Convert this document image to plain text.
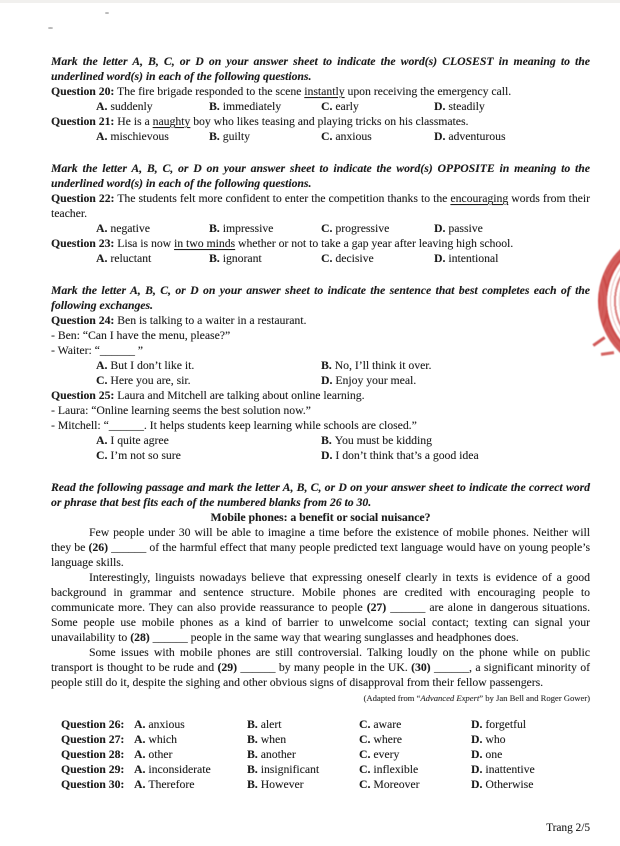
Mark the letter A, B, C, or D on your answer sheet to indicate the word(s) CLOSEST in meaning to the underlined word(s) in each of the following questions.

Question 20: The fire brigade responded to the scene instantly upon receiving the emergency call.

A. suddenly	B. immediately	C. early	D. steadily

Question 21: He is a naughty boy who likes teasing and playing tricks on his classmates.

A. mischievous	B. guilty	C. anxious	D. adventurous

Mark the letter A, B, C, or D on your answer sheet to indicate the word(s) OPPOSITE in meaning to the underlined word(s) in each of the following questions.

Question 22: The students felt more confident to enter the competition thanks to the encouraging words from their teacher.

A. negative	B. impressive	C. progressive	D. passive

Question 23: Lisa is now in two minds whether or not to take a gap year after leaving high school.

A. reluctant	B. ignorant	C. decisive	D. intentional

Mark the letter A, B, C, or D on your answer sheet to indicate the sentence that best completes each of the following exchanges.

Question 24: Ben is talking to a waiter in a restaurant.

- Ben: “Can I have the menu, please?”

- Waiter: “______ ”

A. But I don’t like it.	B. No, I’ll think it over.
C. Here you are, sir.	D. Enjoy your meal.

Question 25: Laura and Mitchell are talking about online learning.

- Laura: “Online learning seems the best solution now.”

- Mitchell: “______. It helps students keep learning while schools are closed.”

A. I quite agree	B. You must be kidding
C. I’m not so sure	D. I don’t think that’s a good idea

Read the following passage and mark the letter A, B, C, or D on your answer sheet to indicate the correct word or phrase that best fits each of the numbered blanks from 26 to 30.

Mobile phones: a benefit or social nuisance?

Few people under 30 will be able to imagine a time before the existence of mobile phones. Neither will they be (26) ______ of the harmful effect that many people predicted text language would have on young people’s language skills.

Interestingly, linguists nowadays believe that expressing oneself clearly in texts is evidence of a good background in grammar and sentence structure. Mobile phones are credited with encouraging people to communicate more. They can also provide reassurance to people (27) ______ are alone in dangerous situations. Some people use mobile phones as a kind of barrier to unwelcome social contact; texting can signal your unavailability to (28) ______ people in the same way that wearing sunglasses and headphones does.

Some issues with mobile phones are still controversial. Talking loudly on the phone while on public transport is thought to be rude and (29) ______ by many people in the UK. (30) ______, a significant minority of people still do it, despite the sighing and other obvious signs of disapproval from their fellow passengers.

(Adapted from “Advanced Expert” by Jan Bell and Roger Gower)

Question 26: A. anxious	B. alert	C. aware	D. forgetful
Question 27: A. which	B. when	C. where	D. who
Question 28: A. other	B. another	C. every	D. one
Question 29: A. inconsiderate	B. insignificant	C. inflexible	D. inattentive
Question 30: A. Therefore	B. However	C. Moreover	D. Otherwise
Trang 2/5
